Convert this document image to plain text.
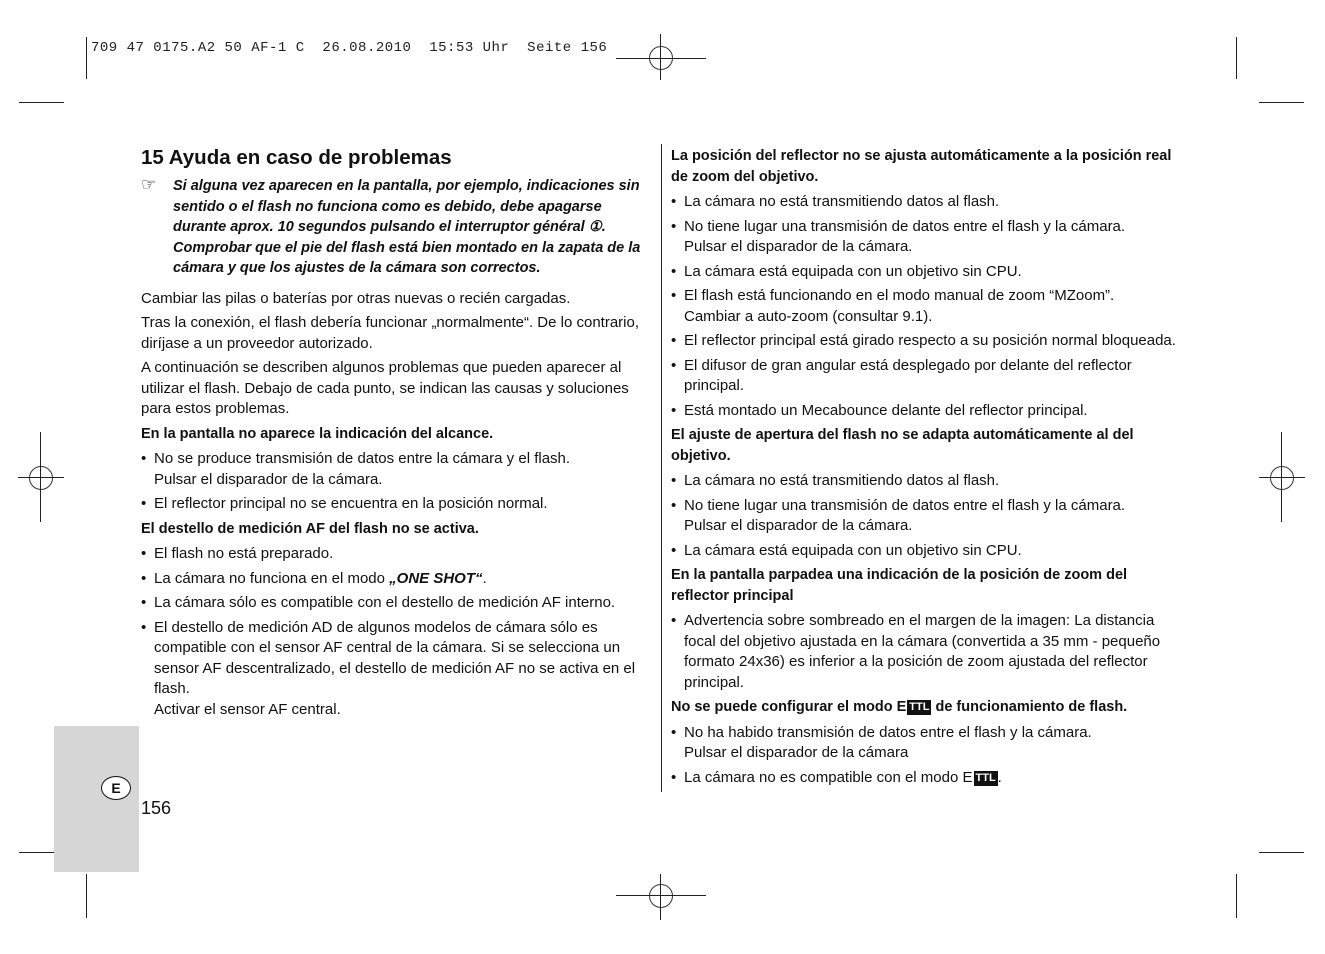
709 47 0175.A2 50 AF-1 C  26.08.2010  15:53 Uhr  Seite 156
15 Ayuda en caso de problemas
☞ Si alguna vez aparecen en la pantalla, por ejemplo, indicaciones sin sentido o el flash no funciona como es debido, debe apagarse durante aprox. 10 segundos pulsando el interruptor général ①. Comprobar que el pie del flash está bien montado en la zapata de la cámara y que los ajustes de la cámara son correctos.

Cambiar las pilas o baterías por otras nuevas o recién cargadas.

Tras la conexión, el flash debería funcionar „normalmente“. De lo contrario, diríjase a un proveedor autorizado.

A continuación se describen algunos problemas que pueden aparecer al utilizar el flash. Debajo de cada punto, se indican las causas y soluciones para estos problemas.

En la pantalla no aparece la indicación del alcance.
• No se produce transmisión de datos entre la cámara y el flash.
Pulsar el disparador de la cámara.
• El reflector principal no se encuentra en la posición normal.
El destello de medición AF del flash no se activa.
• El flash no está preparado.
• La cámara no funciona en el modo „ONE SHOT“.
• La cámara sólo es compatible con el destello de medición AF interno.
• El destello de medición AD de algunos modelos de cámara sólo es compatible con el sensor AF central de la cámara. Si se selecciona un sensor AF descentralizado, el destello de medición AF no se activa en el flash.
Activar el sensor AF central.
La posición del reflector no se ajusta automáticamente a la posición real de zoom del objetivo.
• La cámara no está transmitiendo datos al flash.
• No tiene lugar una transmisión de datos entre el flash y la cámara.
Pulsar el disparador de la cámara.
• La cámara está equipada con un objetivo sin CPU.
• El flash está funcionando en el modo manual de zoom “MZoom”.
Cambiar a auto-zoom (consultar 9.1).
• El reflector principal está girado respecto a su posición normal bloqueada.
• El difusor de gran angular está desplegado por delante del reflector principal.
• Está montado un Mecabounce delante del reflector principal.
El ajuste de apertura del flash no se adapta automáticamente al del objetivo.
• La cámara no está transmitiendo datos al flash.
• No tiene lugar una transmisión de datos entre el flash y la cámara.
Pulsar el disparador de la cámara.
• La cámara está equipada con un objetivo sin CPU.
En la pantalla parpadea una indicación de la posición de zoom del reflector principal
• Advertencia sobre sombreado en el margen de la imagen: La distancia focal del objetivo ajustada en la cámara (convertida a 35 mm - pequeño formato 24x36) es inferior a la posición de zoom ajustada del reflector principal.
No se puede configurar el modo E TTL de funcionamiento de flash.
• No ha habido transmisión de datos entre el flash y la cámara.
Pulsar el disparador de la cámara
• La cámara no es compatible con el modo E TTL .
E
156
